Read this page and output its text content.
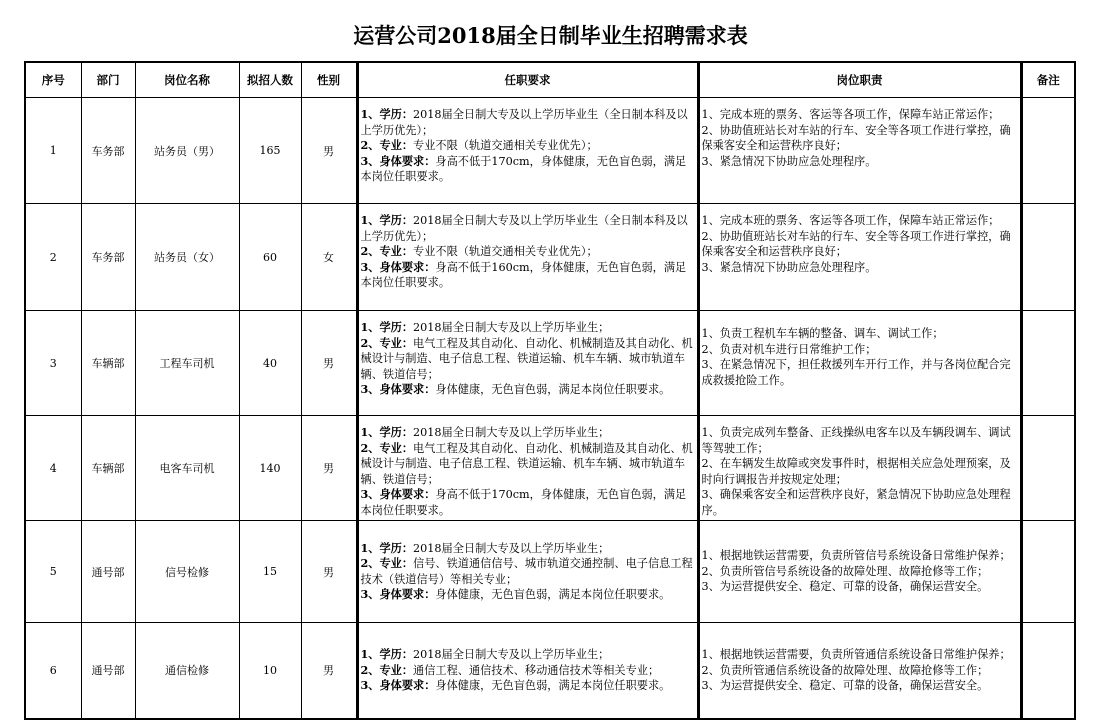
运营公司2018届全日制毕业生招聘需求表
序号	部门	岗位名称	拟招人数	性别	任职要求	岗位职责	备注
1	车务部	站务员（男）	165	男	1、学历：2018届全日制大专及以上学历毕业生（全日制本科及以上学历优先）；
2、专业：专业不限（轨道交通相关专业优先）；
3、身体要求：身高不低于170cm，身体健康，无色盲色弱，满足本岗位任职要求。	1、完成本班的票务、客运等各项工作，保障车站正常运作；
2、协助值班站长对车站的行车、安全等各项工作进行掌控，确保乘客安全和运营秩序良好；
3、紧急情况下协助应急处理程序。	

2	车务部	站务员（女）	60	女	1、学历：2018届全日制大专及以上学历毕业生（全日制本科及以上学历优先）；
2、专业：专业不限（轨道交通相关专业优先）；
3、身体要求：身高不低于160cm，身体健康，无色盲色弱，满足本岗位任职要求。	1、完成本班的票务、客运等各项工作，保障车站正常运作；
2、协助值班站长对车站的行车、安全等各项工作进行掌控，确保乘客安全和运营秩序良好；
3、紧急情况下协助应急处理程序。	

3	车辆部	工程车司机	40	男	1、学历：2018届全日制大专及以上学历毕业生；
2、专业：电气工程及其自动化、自动化、机械制造及其自动化、机械设计与制造、电子信息工程、铁道运输、机车车辆、城市轨道车辆、铁道信号；
3、身体要求：身体健康，无色盲色弱，满足本岗位任职要求。	1、负责工程机车车辆的整备、调车、调试工作；
2、负责对机车进行日常维护工作；
3、在紧急情况下，担任救援列车开行工作，并与各岗位配合完成救援抢险工作。	

4	车辆部	电客车司机	140	男	1、学历：2018届全日制大专及以上学历毕业生；
2、专业：电气工程及其自动化、自动化、机械制造及其自动化、机械设计与制造、电子信息工程、铁道运输、机车车辆、城市轨道车辆、铁道信号；
3、身体要求：身高不低于170cm，身体健康，无色盲色弱，满足本岗位任职要求。	1、负责完成列车整备、正线操纵电客车以及车辆段调车、调试等驾驶工作；
2、在车辆发生故障或突发事件时，根据相关应急处理预案，及时向行调报告并按规定处理；
3、确保乘客安全和运营秩序良好，紧急情况下协助应急处理程序。	

5	通号部	信号检修	15	男	1、学历：2018届全日制大专及以上学历毕业生；
2、专业：信号、铁道通信信号、城市轨道交通控制、电子信息工程技术（铁道信号）等相关专业；
3、身体要求：身体健康，无色盲色弱，满足本岗位任职要求。	1、根据地铁运营需要，负责所管信号系统设备日常维护保养；
2、负责所管信号系统设备的故障处理、故障抢修等工作；
3、为运营提供安全、稳定、可靠的设备，确保运营安全。	

6	通号部	通信检修	10	男	1、学历：2018届全日制大专及以上学历毕业生；
2、专业：通信工程、通信技术、移动通信技术等相关专业；
3、身体要求：身体健康，无色盲色弱，满足本岗位任职要求。	1、根据地铁运营需要，负责所管通信系统设备日常维护保养；
2、负责所管通信系统设备的故障处理、故障抢修等工作；
3、为运营提供安全、稳定、可靠的设备，确保运营安全。	
